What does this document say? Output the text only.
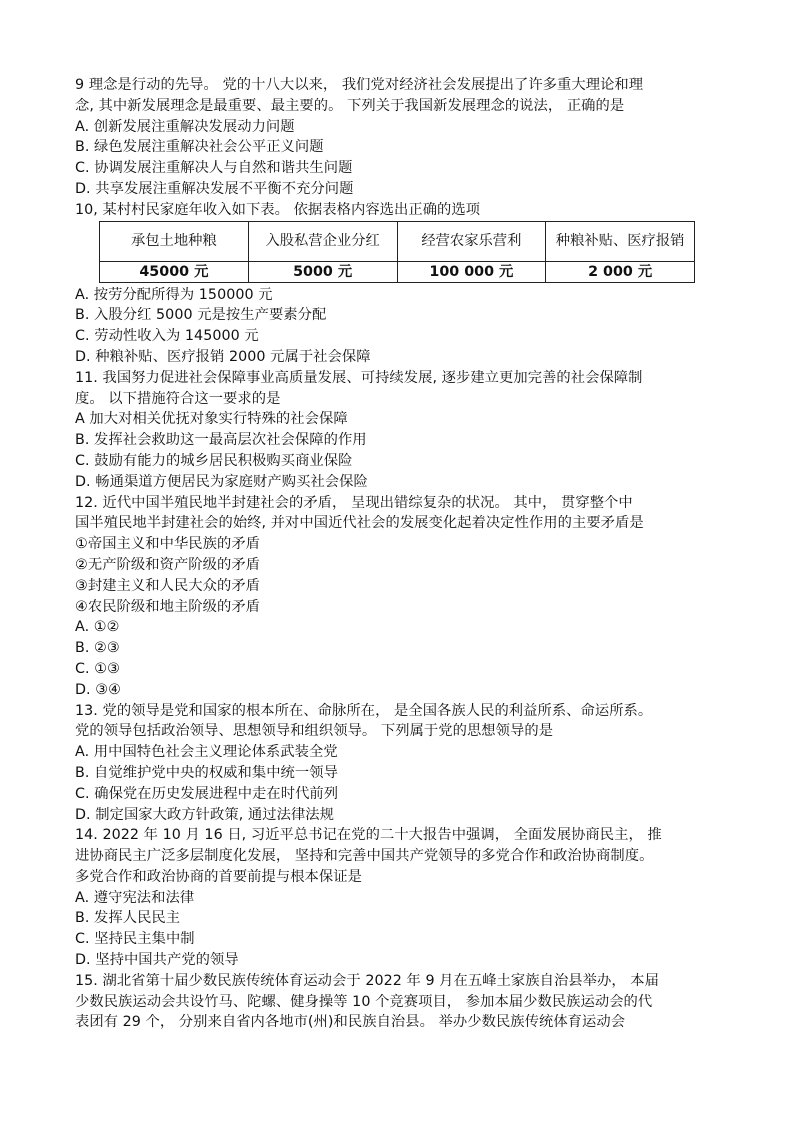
9 理念是行动的先导。 党的十八大以来， 我们党对经济社会发展提出了许多重大理论和理
念, 其中新发展理念是最重要、最主要的。 下列关于我国新发展理念的说法， 正确的是
A. 创新发展注重解决发展动力问题
B. 绿色发展注重解决社会公平正义问题
C. 协调发展注重解决人与自然和谐共生问题
D. 共享发展注重解决发展不平衡不充分问题
10, 某村村民家庭年收入如下表。 依据表格内容选出正确的选项
承包土地种粮	入股私营企业分红	经营农家乐营利	种粮补贴、医疗报销
45000 元	5000 元	100 000 元	2 000 元
A. 按劳分配所得为 150000 元
B. 入股分红 5000 元是按生产要素分配
C. 劳动性收入为 145000 元
D. 种粮补贴、医疗报销 2000 元属于社会保障
11. 我国努力促进社会保障事业高质量发展、可持续发展, 逐步建立更加完善的社会保障制
度。 以下措施符合这一要求的是
A 加大对相关优抚对象实行特殊的社会保障
B. 发挥社会救助这一最高层次社会保障的作用
C. 鼓励有能力的城乡居民积极购买商业保险
D. 畅通渠道方便居民为家庭财产购买社会保险
12. 近代中国半殖民地半封建社会的矛盾， 呈现出错综复杂的状况。 其中， 贯穿整个中
国半殖民地半封建社会的始终, 并对中国近代社会的发展变化起着决定性作用的主要矛盾是
①帝国主义和中华民族的矛盾
②无产阶级和资产阶级的矛盾
③封建主义和人民大众的矛盾
④农民阶级和地主阶级的矛盾
A. ①②
B. ②③
C. ①③
D. ③④
13. 党的领导是党和国家的根本所在、命脉所在， 是全国各族人民的利益所系、命运所系。
党的领导包括政治领导、思想领导和组织领导。 下列属于党的思想领导的是
A. 用中国特色社会主义理论体系武装全党
B. 自觉维护党中央的权威和集中统一领导
C. 确保党在历史发展进程中走在时代前列
D. 制定国家大政方针政策, 通过法律法规
14. 2022 年 10 月 16 日, 习近平总书记在党的二十大报告中强调， 全面发展协商民主， 推
进协商民主广泛多层制度化发展， 坚持和完善中国共产党领导的多党合作和政治协商制度。
多党合作和政治协商的首要前提与根本保证是
A. 遵守宪法和法律
B. 发挥人民民主
C. 坚持民主集中制
D. 坚持中国共产党的领导
15. 湖北省第十届少数民族传统体育运动会于 2022 年 9 月在五峰土家族自治县举办， 本届
少数民族运动会共设竹马、陀螺、健身操等 10 个竞赛项目， 参加本届少数民族运动会的代
表团有 29 个， 分别来自省内各地市(州)和民族自治县。 举办少数民族传统体育运动会
